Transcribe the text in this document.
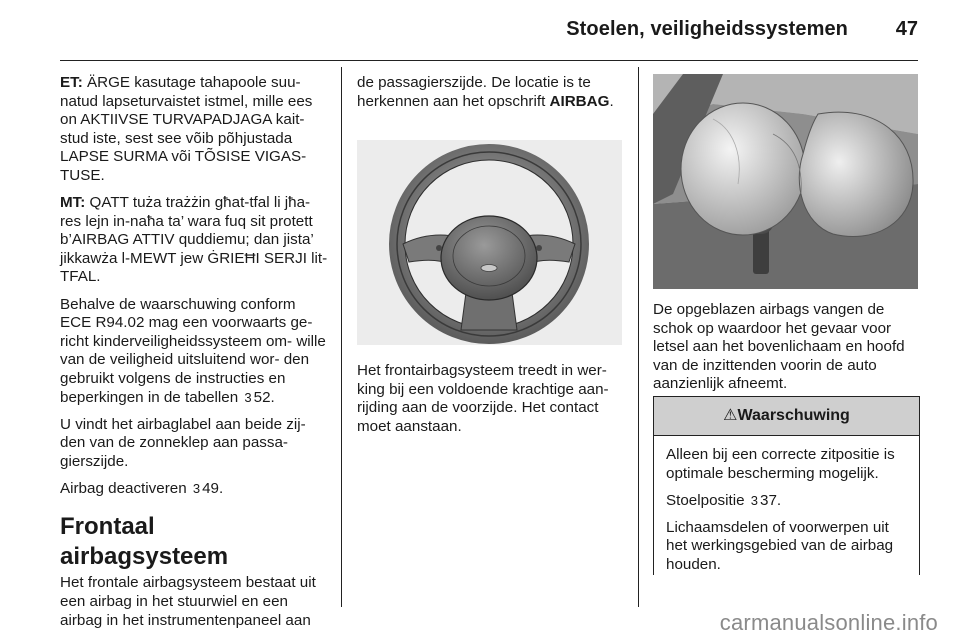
Stoelen, veiligheidssystemen 47

ET: ÄRGE kasutage tahapoole suu- natud lapseturvaistet istmel, mille ees on AKTIIVSE TURVAPADJAGA kait- stud iste, sest see võib põhjustada LAPSE SURMA või TÕSISE VIGAS- TUSE.

MT: QATT tuża trażżin għat-tfal li jħa- res lejn in-naħa ta’ wara fuq sit protett b’AIRBAG ATTIV quddiemu; dan jista’ jikkawża l-MEWT jew ĠRIEĦI SERJI lit-TFAL.

Behalve de waarschuwing conform ECE R94.02 mag een voorwaarts ge- richt kinderveiligheidssysteem om- wille van de veiligheid uitsluitend wor- den gebruikt volgens de instructies en beperkingen in de tabellen 3 52.

U vindt het airbaglabel aan beide zij- den van de zonneklep aan passa- gierszijde.

Airbag deactiveren 3 49.

Frontaal airbagsysteem

Het frontale airbagsysteem bestaat uit een airbag in het stuurwiel en een airbag in het instrumentenpaneel aan

de passagierszijde. De locatie is te herkennen aan het opschrift AIRBAG.

Het frontairbagsysteem treedt in wer- king bij een voldoende krachtige aan- rijding aan de voorzijde. Het contact moet aanstaan.

De opgeblazen airbags vangen de schok op waardoor het gevaar voor letsel aan het bovenlichaam en hoofd van de inzittenden voorin de auto aanzienlijk afneemt.

⚠Waarschuwing

Alleen bij een correcte zitpositie is optimale bescherming mogelijk.

Stoelpositie 3 37.

Lichaamsdelen of voorwerpen uit het werkingsgebied van de airbag houden.

carmanualsonline.info
